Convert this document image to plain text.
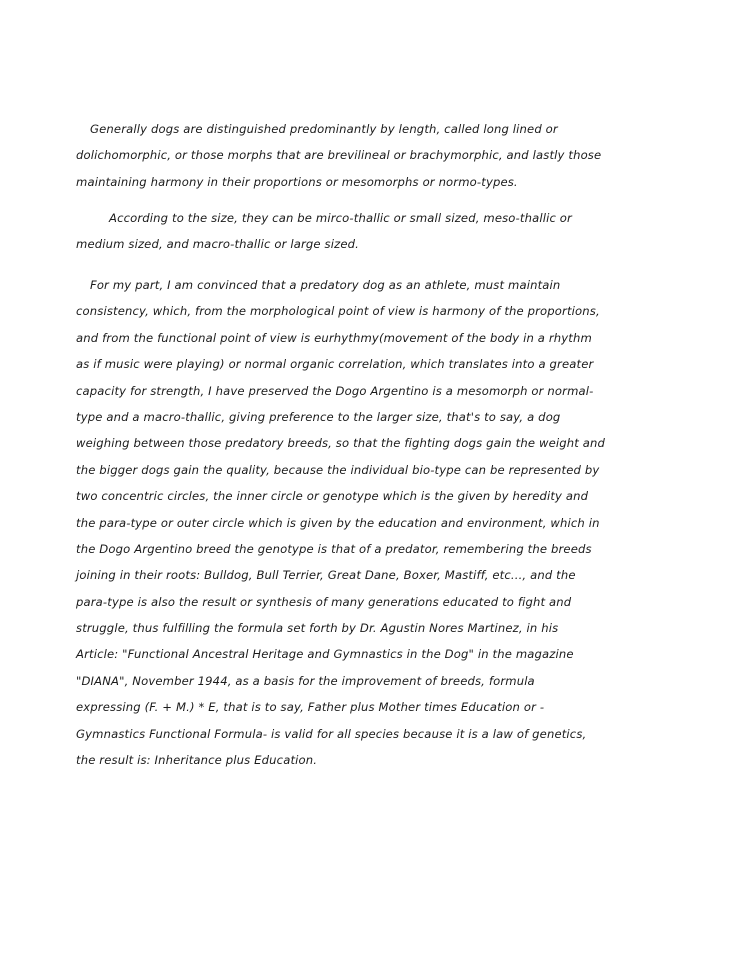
Generally dogs are distinguished predominantly by length, called long lined or
dolichomorphic, or those morphs that are brevilineal or brachymorphic, and lastly those
maintaining harmony in their proportions or mesomorphs or normo-types.
According to the size, they can be mirco-thallic or small sized, meso-thallic or
medium sized, and macro-thallic or large sized.
For my part, I am convinced that a predatory dog as an athlete, must maintain
consistency, which, from the morphological point of view is harmony of the proportions,
and from the functional point of view is eurhythmy(movement of the body in a rhythm
as if music were playing) or normal organic correlation, which translates into a greater
capacity for strength, I have preserved the Dogo Argentino is a mesomorph or normal-
type and a macro-thallic, giving preference to the larger size, that's to say, a dog
weighing between those predatory breeds, so that the fighting dogs gain the weight and
the bigger dogs gain the quality, because the individual bio-type can be represented by
two concentric circles, the inner circle or genotype which is the given by heredity and
the para-type or outer circle which is given by the education and environment, which in
the Dogo Argentino breed the genotype is that of a predator, remembering the breeds
joining in their roots: Bulldog, Bull Terrier, Great Dane, Boxer, Mastiff, etc..., and the
para-type is also the result or synthesis of many generations educated to fight and
struggle, thus fulfilling the formula set forth by Dr. Agustin Nores Martinez, in his
Article: "Functional Ancestral Heritage and Gymnastics in the Dog" in the magazine
"DIANA", November 1944, as a basis for the improvement of breeds, formula
expressing (F. + M.) * E, that is to say, Father plus Mother times Education or -
Gymnastics Functional Formula- is valid for all species because it is a law of genetics,
the result is: Inheritance plus Education.
